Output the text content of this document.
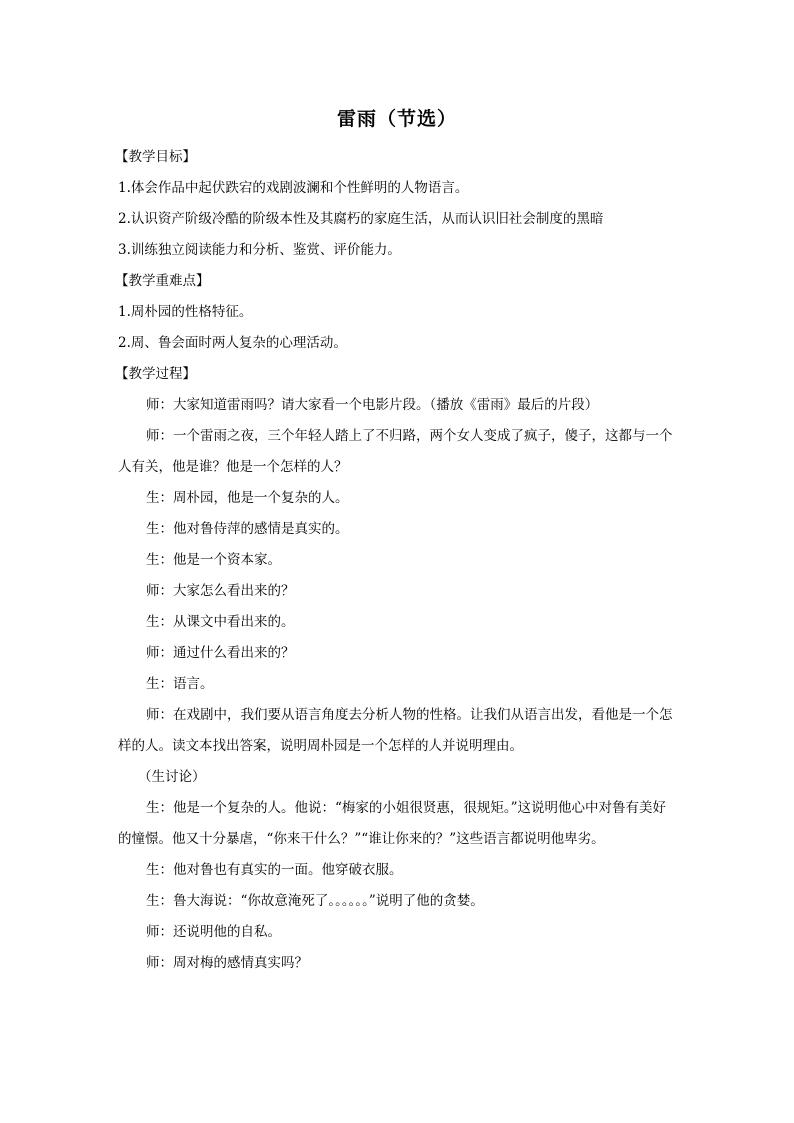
雷雨（节选）

【教学目标】

1.体会作品中起伏跌宕的戏剧波澜和个性鲜明的人物语言。

2.认识资产阶级冷酷的阶级本性及其腐朽的家庭生活，从而认识旧社会制度的黑暗

3.训练独立阅读能力和分析、鉴赏、评价能力。

【教学重难点】

1.周朴园的性格特征。

2.周、鲁会面时两人复杂的心理活动。

【教学过程】

师：大家知道雷雨吗？请大家看一个电影片段。（播放《雷雨》最后的片段）

师：一个雷雨之夜，三个年轻人踏上了不归路，两个女人变成了疯子，傻子，这都与一个人有关，他是谁？他是一个怎样的人？

生：周朴园，他是一个复杂的人。

生：他对鲁侍萍的感情是真实的。

生：他是一个资本家。

师：大家怎么看出来的？

生：从课文中看出来的。

师：通过什么看出来的？

生：语言。

师：在戏剧中，我们要从语言角度去分析人物的性格。让我们从语言出发，看他是一个怎样的人。读文本找出答案，说明周朴园是一个怎样的人并说明理由。

（生讨论）

生：他是一个复杂的人。他说：“梅家的小姐很贤惠，很规矩。”这说明他心中对鲁有美好的憧憬。他又十分暴虐，“你来干什么？”“谁让你来的？”这些语言都说明他卑劣。

生：他对鲁也有真实的一面。他穿破衣服。

生：鲁大海说：“你故意淹死了。。。。。。”说明了他的贪婪。

师：还说明他的自私。

师：周对梅的感情真实吗？
